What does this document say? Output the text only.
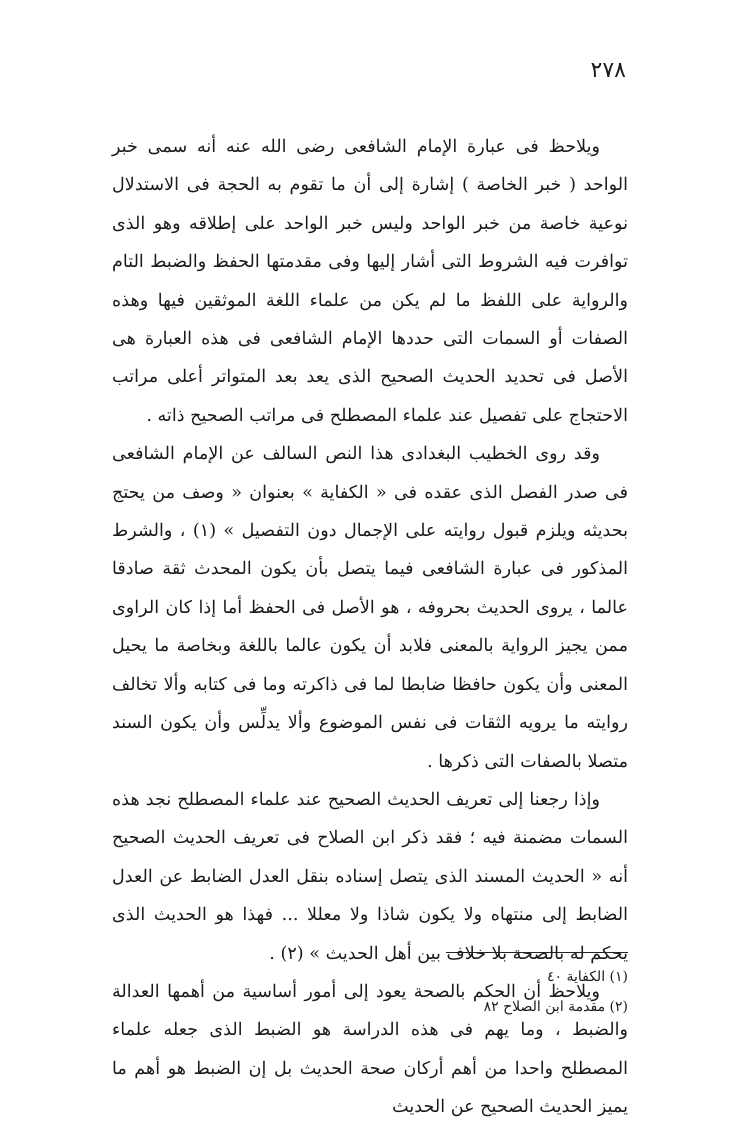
٢٧٨

ويلاحظ فى عبارة الإمام الشافعى رضى الله عنه أنه سمى خبر الواحد ( خبر الخاصة ) إشارة إلى أن ما تقوم به الحجة فى الاستدلال نوعية خاصة من خبر الواحد وليس خبر الواحد على إطلاقه وهو الذى توافرت فيه الشروط التى أشار إليها وفى مقدمتها الحفظ والضبط التام والرواية على اللفظ ما لم يكن من علماء اللغة الموثقين فيها وهذه الصفات أو السمات التى حددها الإمام الشافعى فى هذه العبارة هى الأصل فى تحديد الحديث الصحيح الذى يعد بعد المتواتر أعلى مراتب الاحتجاج على تفصيل عند علماء المصطلح فى مراتب الصحيح ذاته .

وقد روى الخطيب البغدادى هذا النص السالف عن الإمام الشافعى فى صدر الفصل الذى عقده فى « الكفاية » بعنوان « وصف من يحتج بحديثه ويلزم قبول روايته على الإجمال دون التفصيل » (١) ، والشرط المذكور فى عبارة الشافعى فيما يتصل بأن يكون المحدث ثقة صادقا عالما ، يروى الحديث بحروفه ، هو الأصل فى الحفظ أما إذا كان الراوى ممن يجيز الرواية بالمعنى فلابد أن يكون عالما باللغة وبخاصة ما يحيل المعنى وأن يكون حافظا ضابطا لما فى ذاكرته وما فى كتابه وألا تخالف روايته ما يرويه الثقات فى نفس الموضوع وألا يدلِّس وأن يكون السند متصلا بالصفات التى ذكرها .

وإذا رجعنا إلى تعريف الحديث الصحيح عند علماء المصطلح نجد هذه السمات مضمنة فيه ؛ فقد ذكر ابن الصلاح فى تعريف الحديث الصحيح أنه « الحديث المسند الذى يتصل إسناده بنقل العدل الضابط عن العدل الضابط إلى منتهاه ولا يكون شاذا ولا معللا ... فهذا هو الحديث الذى يحكم له بالصحة بلا خلاف بين أهل الحديث » (٢) .

ويلاحظ أن الحكم بالصحة يعود إلى أمور أساسية من أهمها العدالة والضبط ، وما يهم فى هذه الدراسة هو الضبط الذى جعله علماء المصطلح واحدا من أهم أركان صحة الحديث بل إن الضبط هو أهم ما يميز الحديث الصحيح عن الحديث

(١) الكفاية ٤٠

(٢) مقدمة ابن الصلاح ٨٢
